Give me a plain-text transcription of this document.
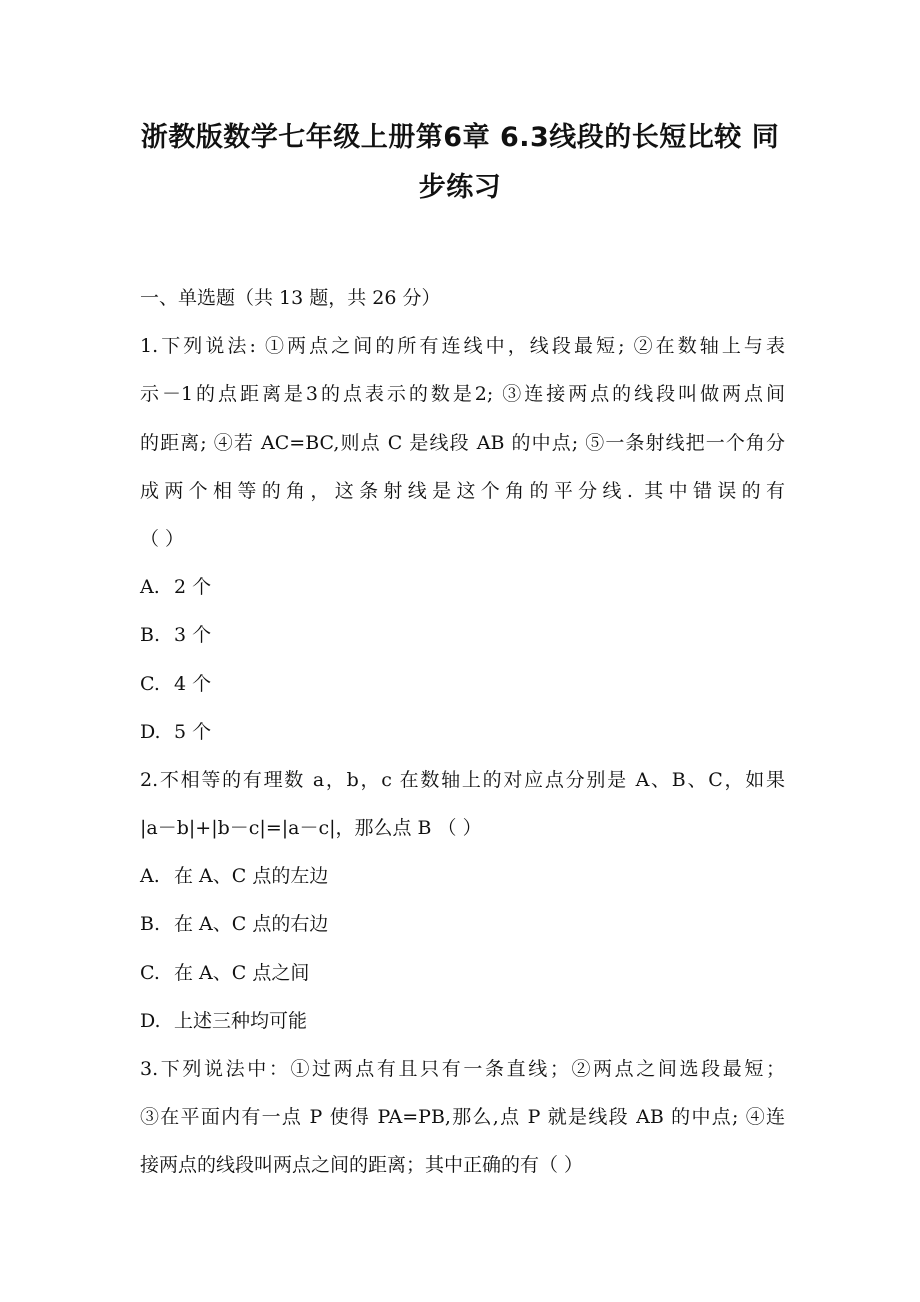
浙教版数学七年级上册第6章 6.3线段的长短比较 同
步练习
一、单选题（共 13 题，共 26 分）
1.下列说法: ①两点之间的所有连线中，线段最短; ②在数轴上与表
示－1的点距离是3的点表示的数是2; ③连接两点的线段叫做两点间
的距离; ④若 AC=BC,则点 C 是线段 AB 的中点; ⑤一条射线把一个角分
成两个相等的角，这条射线是这个角的平分线. 其中错误的有
（ ）
A. 2 个
B. 3 个
C. 4 个
D. 5 个
2.不相等的有理数 a，b，c 在数轴上的对应点分别是 A、B、C，如果
|a－b|+|b－c|=|a－c|，那么点 B （ ）
A. 在 A、C 点的左边
B. 在 A、C 点的右边
C. 在 A、C 点之间
D. 上述三种均可能
3.下列说法中：①过两点有且只有一条直线；②两点之间选段最短；
③在平面内有一点 P 使得 PA=PB,那么,点 P 就是线段 AB 的中点; ④连
接两点的线段叫两点之间的距离；其中正确的有（ ）
